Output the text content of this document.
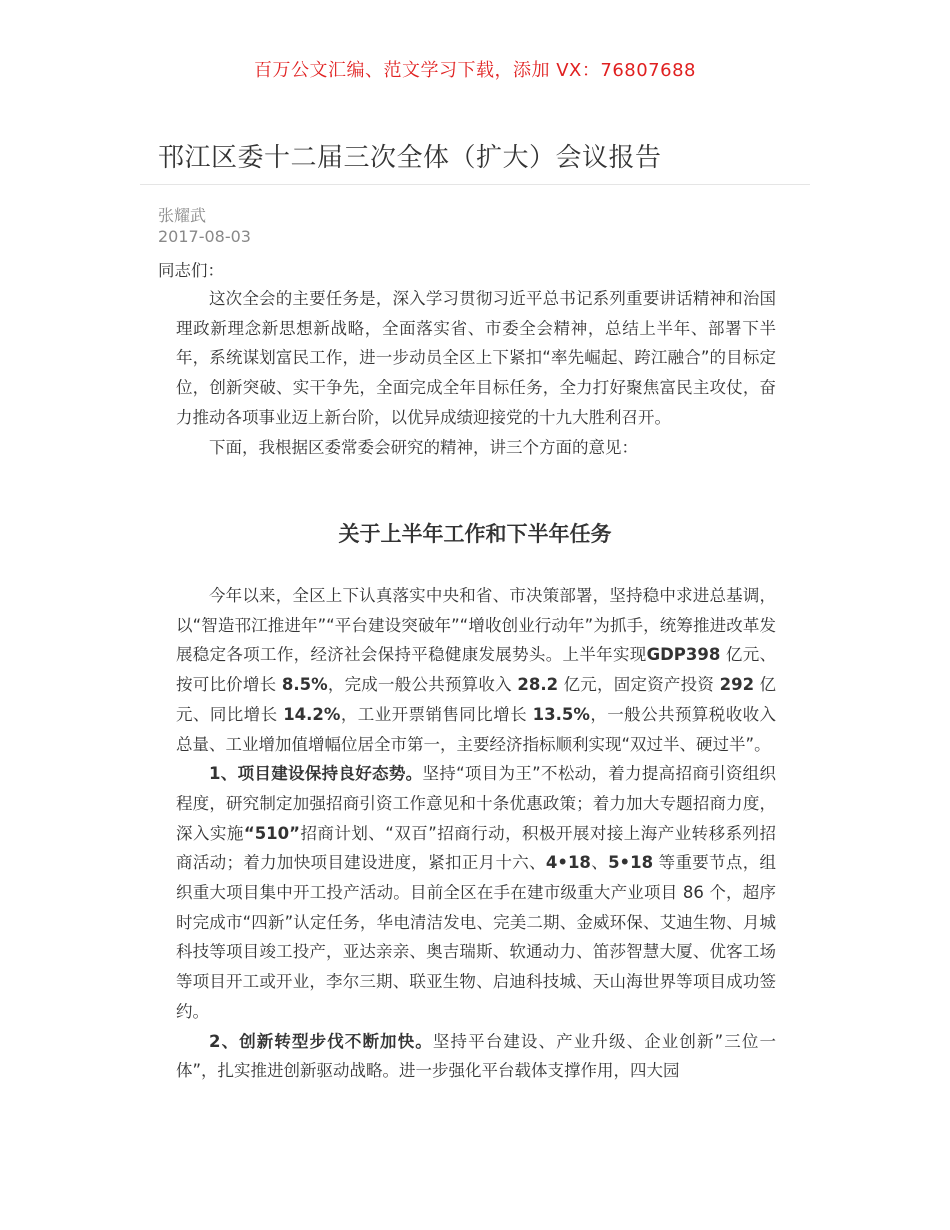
百万公文汇编、范文学习下载，添加 VX：76807688
邗江区委十二届三次全体（扩大）会议报告
张耀武
2017-08-03
同志们：

这次全会的主要任务是，深入学习贯彻习近平总书记系列重要讲话精神和治国理政新理念新思想新战略，全面落实省、市委全会精神，总结上半年、部署下半年，系统谋划富民工作，进一步动员全区上下紧扣“率先崛起、跨江融合”的目标定位，创新突破、实干争先，全面完成全年目标任务，全力打好聚焦富民主攻仗，奋力推动各项事业迈上新台阶，以优异成绩迎接党的十九大胜利召开。

下面，我根据区委常委会研究的精神，讲三个方面的意见：

关于上半年工作和下半年任务

今年以来，全区上下认真落实中央和省、市决策部署，坚持稳中求进总基调，以“智造邗江推进年”“平台建设突破年”“增收创业行动年”为抓手，统筹推进改革发展稳定各项工作，经济社会保持平稳健康发展势头。上半年实现GDP398 亿元、按可比价增长 8.5%，完成一般公共预算收入 28.2 亿元，固定资产投资 292 亿元、同比增长 14.2%，工业开票销售同比增长 13.5%，一般公共预算税收收入总量、工业增加值增幅位居全市第一，主要经济指标顺利实现“双过半、硬过半”。

1、项目建设保持良好态势。坚持“项目为王”不松动，着力提高招商引资组织程度，研究制定加强招商引资工作意见和十条优惠政策；着力加大专题招商力度，深入实施“510”招商计划、“双百”招商行动，积极开展对接上海产业转移系列招商活动；着力加快项目建设进度，紧扣正月十六、4•18、5•18 等重要节点，组织重大项目集中开工投产活动。目前全区在手在建市级重大产业项目 86 个，超序时完成市“四新”认定任务，华电清洁发电、完美二期、金威环保、艾迪生物、月城科技等项目竣工投产，亚达亲亲、奥吉瑞斯、软通动力、笛莎智慧大厦、优客工场等项目开工或开业，李尔三期、联亚生物、启迪科技城、天山海世界等项目成功签约。

2、创新转型步伐不断加快。坚持平台建设、产业升级、企业创新”三位一体”，扎实推进创新驱动战略。进一步强化平台载体支撑作用，四大园
